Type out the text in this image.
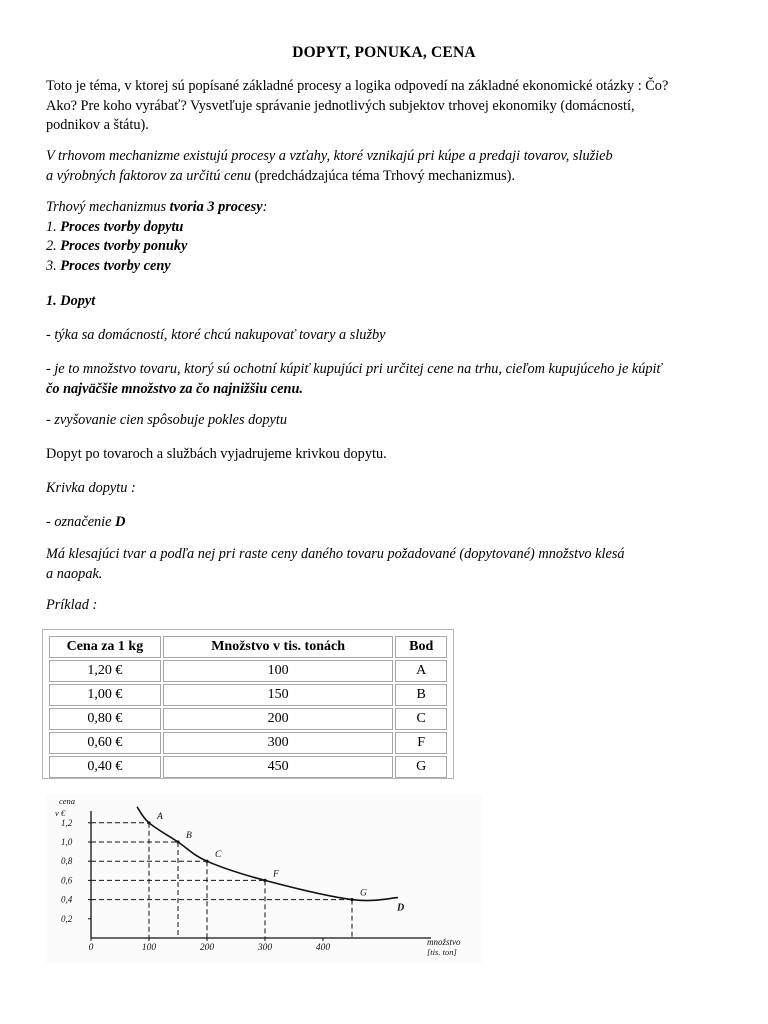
DOPYT, PONUKA, CENA

Toto je téma, v ktorej sú popísané základné procesy a logika odpovedí na základné ekonomické otázky : Čo?
Ako? Pre koho vyrábať? Vysvetľuje správanie jednotlivých subjektov trhovej ekonomiky (domácností,
podnikov a štátu).

V trhovom mechanizme existujú procesy a vzťahy, ktoré vznikajú pri kúpe a predaji tovarov, služieb
a výrobných faktorov za určitú cenu (predchádzajúca téma Trhový mechanizmus).

Trhový mechanizmus tvoria 3 procesy:
1. Proces tvorby dopytu
2. Proces tvorby ponuky
3. Proces tvorby ceny

1. Dopyt

- týka sa domácností, ktoré chcú nakupovať tovary a služby

- je to množstvo tovaru, ktorý sú ochotní kúpiť kupujúci pri určitej cene na trhu, cieľom kupujúceho je kúpiť
čo najväčšie množstvo za čo najnižšiu cenu.

- zvyšovanie cien spôsobuje pokles dopytu

Dopyt po tovaroch a službách vyjadrujeme krivkou dopytu.

Krivka dopytu :

- označenie D

Má klesajúci tvar a podľa nej pri raste ceny daného tovaru požadované (dopytované) množstvo klesá
a naopak.

Príklad :

Cena za 1 kg	Množstvo v tis. tonách	Bod
1,20 €	100	A
1,00 €	150	B
0,80 €	200	C
0,60 €	300	F
0,40 €	450	G
1,2
1,0
0,8
0,6
0,4
0,2
0	100	200	300	400
cena
v €
množstvo
[tis. ton]
A
B
C
F
G
D
